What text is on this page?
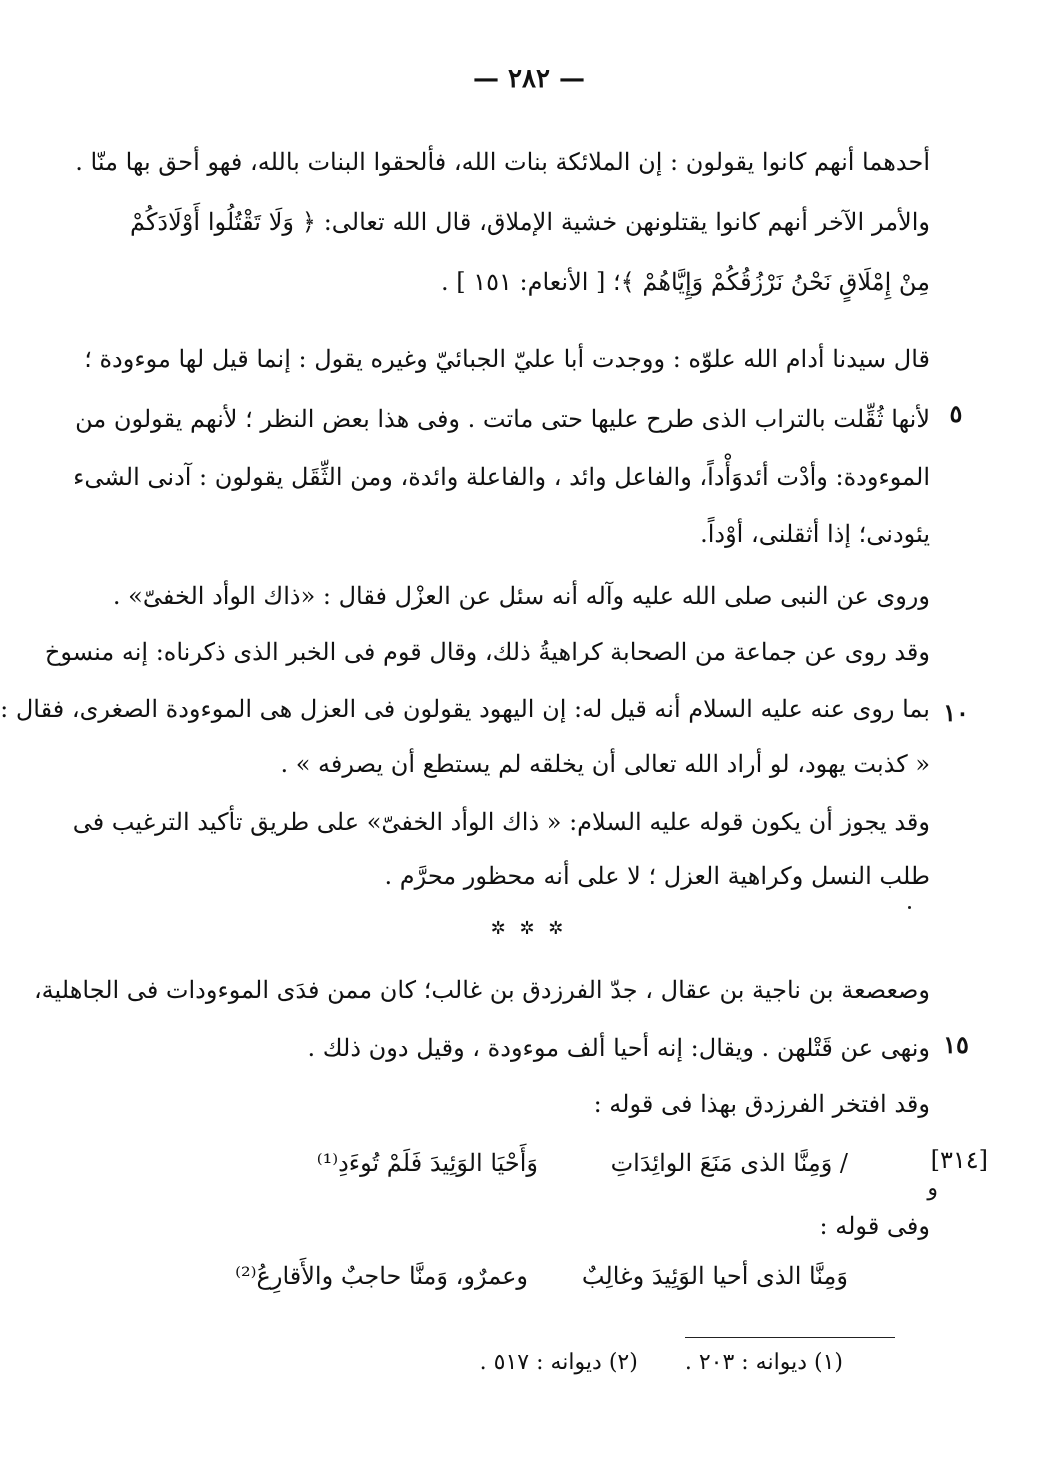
— ٢٨٢ —
أحدهما أنهم كانوا يقولون : إن الملائكة بنات الله، فألحقوا البنات بالله، فهو أحق بها منّا .
والأمر الآخر أنهم كانوا يقتلونهن خشية الإملاق، قال الله تعالى: ﴿ وَلَا تَقْتُلُوا أَوْلَادَكُمْ
مِنْ إِمْلَاقٍ نَحْنُ نَرْزُقُكُمْ وَإِيَّاهُمْ ﴾؛ [ الأنعام: ١٥١ ] .
قال سيدنا أدام الله علوّه : ووجدت أبا عليّ الجبائيّ وغيره يقول : إنما قيل لها موءودة ؛
٥
لأنها ثُقِّلت بالتراب الذى طرح عليها حتى ماتت . وفى هذا بعض النظر ؛ لأنهم يقولون من
الموءودة: وأدْت أئدوَأْداً، والفاعل وائد ، والفاعلة وائدة، ومن الثِّقَل يقولون : آدنى الشىء
يئودنى؛ إذا أثقلنى، أوْداً.
وروى عن النبى صلى الله عليه وآله أنه سئل عن العزْل فقال : «ذاك الوأد الخفىّ» .
وقد روى عن جماعة من الصحابة كراهيةُ ذلك، وقال قوم فى الخبر الذى ذكرناه: إنه منسوخ
١٠
بما روى عنه عليه السلام أنه قيل له: إن اليهود يقولون فى العزل هى الموءودة الصغرى، فقال :
« كذبت يهود، لو أراد الله تعالى أن يخلقه لم يستطع أن يصرفه » .
وقد يجوز أن يكون قوله عليه السلام: « ذاك الوأد الخفىّ» على طريق تأكيد الترغيب فى
طلب النسل وكراهية العزل ؛ لا على أنه محظور محرَّم .
✲ ✲ ✲
وصعصعة بن ناجية بن عقال ، جدّ الفرزدق بن غالب؛ كان ممن فدَى الموءودات فى الجاهلية،
١٥
ونهى عن قَتْلهن . ويقال: إنه أحيا ألف موءودة ، وقيل دون ذلك .
وقد افتخر الفرزدق بهذا فى قوله :
[٣١٤]
و
/ وَمِنَّا الذى مَنَعَ الوائِدَاتِ
وَأَحْيَا الوَئِيدَ فَلَمْ تُوءَدِ⁽¹⁾
وفى قوله :
وَمِنَّا الذى أحيا الوَئِيدَ وغالِبٌ
وعمرٌو، وَمنَّا حاجبٌ والأَقارِعُ⁽²⁾
(١) ديوانه : ٢٠٣ . (٢) ديوانه : ٥١٧ .
